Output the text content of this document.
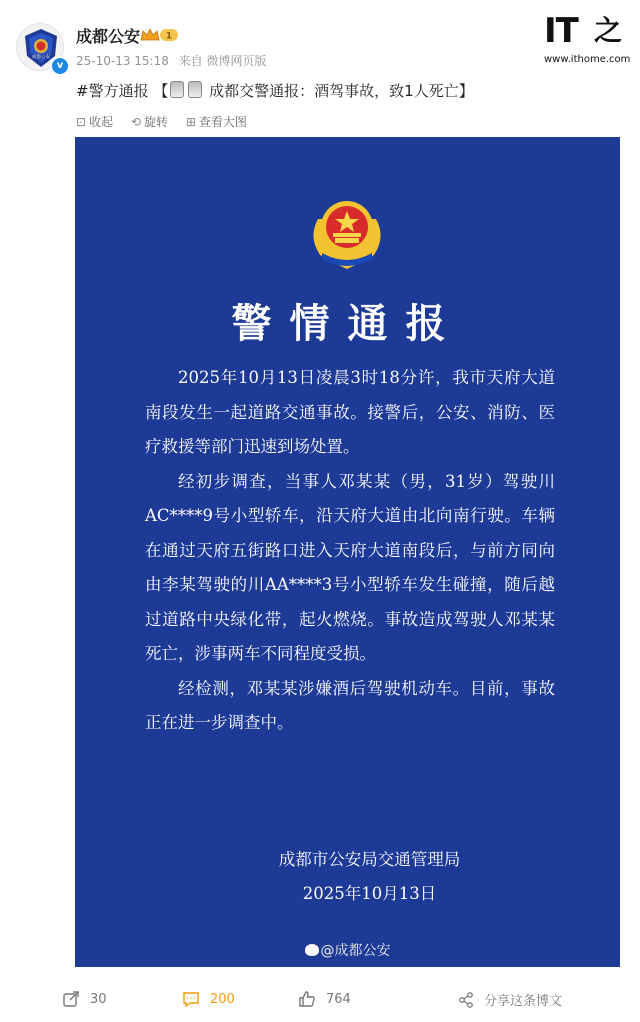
成都公安
v
成都公安	1
25-10-13 15:18 来自 微博网页版
IT 之
www.ithome.com
#警方通报 【	成都交警通报：酒驾事故，致1人死亡】
⊡ 收起 ⟲ 旋转 ⊞ 查看大图
警情通报

2025年10月13日凌晨3时18分许，我市天府大道南段发生一起道路交通事故。接警后，公安、消防、医疗救援等部门迅速到场处置。

经初步调查，当事人邓某某（男，31岁）驾驶川AC****9号小型轿车，沿天府大道由北向南行驶。车辆在通过天府五街路口进入天府大道南段后，与前方同向由李某驾驶的川AA****3号小型轿车发生碰撞，随后越过道路中央绿化带，起火燃烧。事故造成驾驶人邓某某死亡，涉事两车不同程度受损。

经检测，邓某某涉嫌酒后驾驶机动车。目前，事故正在进一步调查中。

成都市公安局交通管理局
2025年10月13日
@成都公安
30	200	764	分享这条博文
